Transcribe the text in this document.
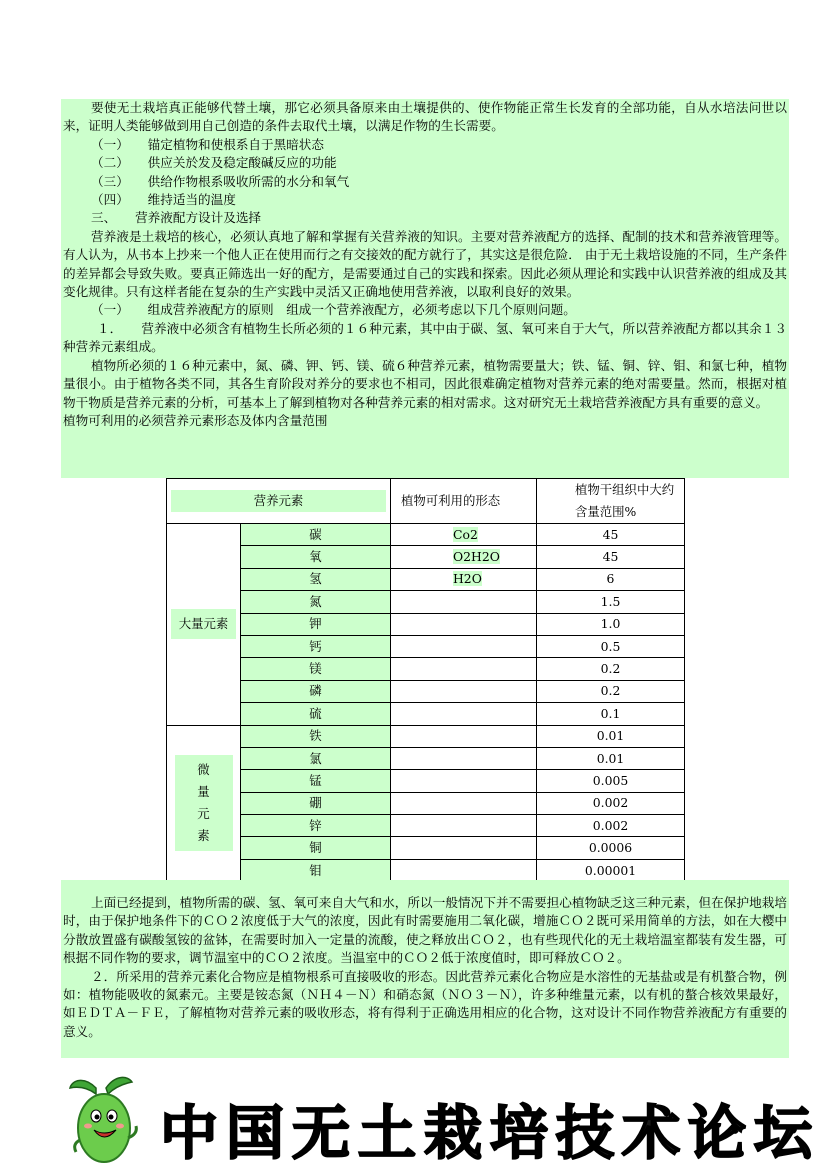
要使无土栽培真正能够代替土壤，那它必须具备原来由土壤提供的、使作物能正常生长发育的全部功能，自从水培法问世以来，证明人类能够做到用自己创造的条件去取代土壤，以满足作物的生长需要。

（一）　　锚定植物和使根系自于黑暗状态

（二）　　供应关於发及稳定酸碱反应的功能

（三）　　供给作物根系吸收所需的水分和氧气

（四）　　维持适当的温度

三、　　营养液配方设计及选择

营养液是土栽培的核心，必须认真地了解和掌握有关营养液的知识。主要对营养液配方的选择、配制的技术和营养液管理等。有人认为，从书本上抄来一个他人正在使用而行之有交接效的配方就行了，其实这是很危险． 由于无土栽培设施的不同，生产条件的差异都会导致失败。要真正筛选出一好的配方，是需要通过自己的实践和探索。因此必须从理论和实践中认识营养液的组成及其变化规律。只有这样者能在复杂的生产实践中灵活又正确地使用营养液，以取利良好的效果。

（一）　　组成营养液配方的原则　组成一个营养液配方，必须考虑以下几个原则问题。

１．　　营养液中必须含有植物生长所必须的１６种元素，其中由于碳、氢、氧可来自于大气，所以营养液配方都以其余１３种营养元素组成。

植物所必须的１６种元素中，氮、磷、钾、钙、镁、硫６种营养元素，植物需要量大；铁、锰、铜、锌、钼、和氯七种，植物量很小。由于植物各类不同，其各生育阶段对养分的要求也不相司，因此很难确定植物对营养元素的绝对需要量。然而，根据对植物干物质是营养元素的分析，可基本上了解到植物对各种营养元素的相对需求。这对研究无土栽培营养液配方具有重要的意义。

植物可利用的必须营养元素形态及体内含量范围

营养元素		植物可利用的形态	植物干组织中大约含量范围%

大量元素	碳	Co2	45
	氧	O2H2O	45
	氢	H2O	6
	氮		1.5
	钾		1.0
	钙		0.5
	镁		0.2
	磷		0.2
	硫		0.1

微
量
元
素	铁		0.01
	氯		0.01
	锰		0.005
	硼		0.002
	锌		0.002
	铜		0.0006
	钼		0.00001

上面已经提到，植物所需的碳、氢、氧可来自大气和水，所以一般情况下并不需要担心植物缺乏这三种元素，但在保护地栽培时，由于保护地条件下的ＣＯ２浓度低于大气的浓度，因此有时需要施用二氧化碳，增施ＣＯ２既可采用简单的方法，如在大樱中分散放置盛有碳酸氢铵的盆钵，在需要时加入一定量的流酸，使之释放出ＣＯ２，也有些现代化的无土栽培温室都装有发生器，可根据不同作物的要求，调节温室中的ＣＯ２浓度。当温室中的ＣＯ２低于浓度值时，即可释放ＣＯ２。

２．所采用的营养元素化合物应是植物根系可直接吸收的形态。因此营养元素化合物应是水溶性的无基盐或是有机螯合物，例如：植物能吸收的氮素元。主要是铵态氮（ＮＨ４－Ｎ）和硝态氮（ＮＯ３－Ｎ），许多种维量元素，以有机的螯合核效果最好，如ＥＤＴＡ－ＦＥ，了解植物对营养元素的吸收形态，将有得利于正确选用相应的化合物，这对设计不同作物营养液配方有重要的意义。

中国无土栽培技术论坛
